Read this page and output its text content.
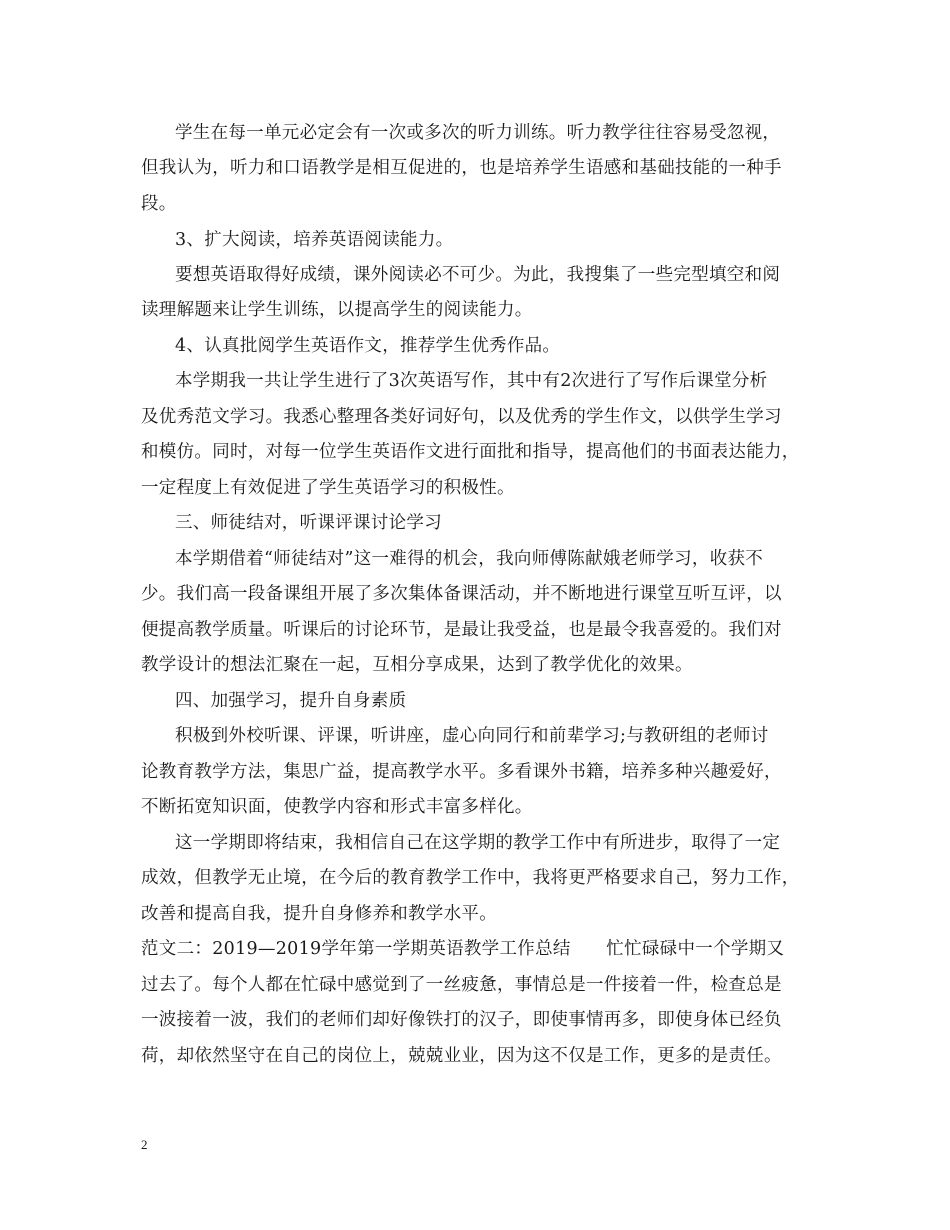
学生在每一单元必定会有一次或多次的听力训练。听力教学往往容易受忽视，
但我认为，听力和口语教学是相互促进的，也是培养学生语感和基础技能的一种手
段。
3、扩大阅读，培养英语阅读能力。
要想英语取得好成绩，课外阅读必不可少。为此，我搜集了一些完型填空和阅
读理解题来让学生训练，以提高学生的阅读能力。
4、认真批阅学生英语作文，推荐学生优秀作品。
本学期我一共让学生进行了3次英语写作，其中有2次进行了写作后课堂分析
及优秀范文学习。我悉心整理各类好词好句，以及优秀的学生作文，以供学生学习
和模仿。同时，对每一位学生英语作文进行面批和指导，提高他们的书面表达能力，
一定程度上有效促进了学生英语学习的积极性。
三、师徒结对，听课评课讨论学习
本学期借着“师徒结对”这一难得的机会，我向师傅陈献娥老师学习，收获不
少。我们高一段备课组开展了多次集体备课活动，并不断地进行课堂互听互评，以
便提高教学质量。听课后的讨论环节，是最让我受益，也是最令我喜爱的。我们对
教学设计的想法汇聚在一起，互相分享成果，达到了教学优化的效果。
四、加强学习，提升自身素质
积极到外校听课、评课，听讲座，虚心向同行和前辈学习;与教研组的老师讨
论教育教学方法，集思广益，提高教学水平。多看课外书籍，培养多种兴趣爱好，
不断拓宽知识面，使教学内容和形式丰富多样化。
这一学期即将结束，我相信自己在这学期的教学工作中有所进步，取得了一定
成效，但教学无止境，在今后的教育教学工作中，我将更严格要求自己，努力工作，
改善和提高自我，提升自身修养和教学水平。
范文二：2019—2019学年第一学期英语教学工作总结　　忙忙碌碌中一个学期又
过去了。每个人都在忙碌中感觉到了一丝疲惫，事情总是一件接着一件，检查总是
一波接着一波，我们的老师们却好像铁打的汉子，即使事情再多，即使身体已经负
荷，却依然坚守在自己的岗位上，兢兢业业，因为这不仅是工作，更多的是责任。
2
